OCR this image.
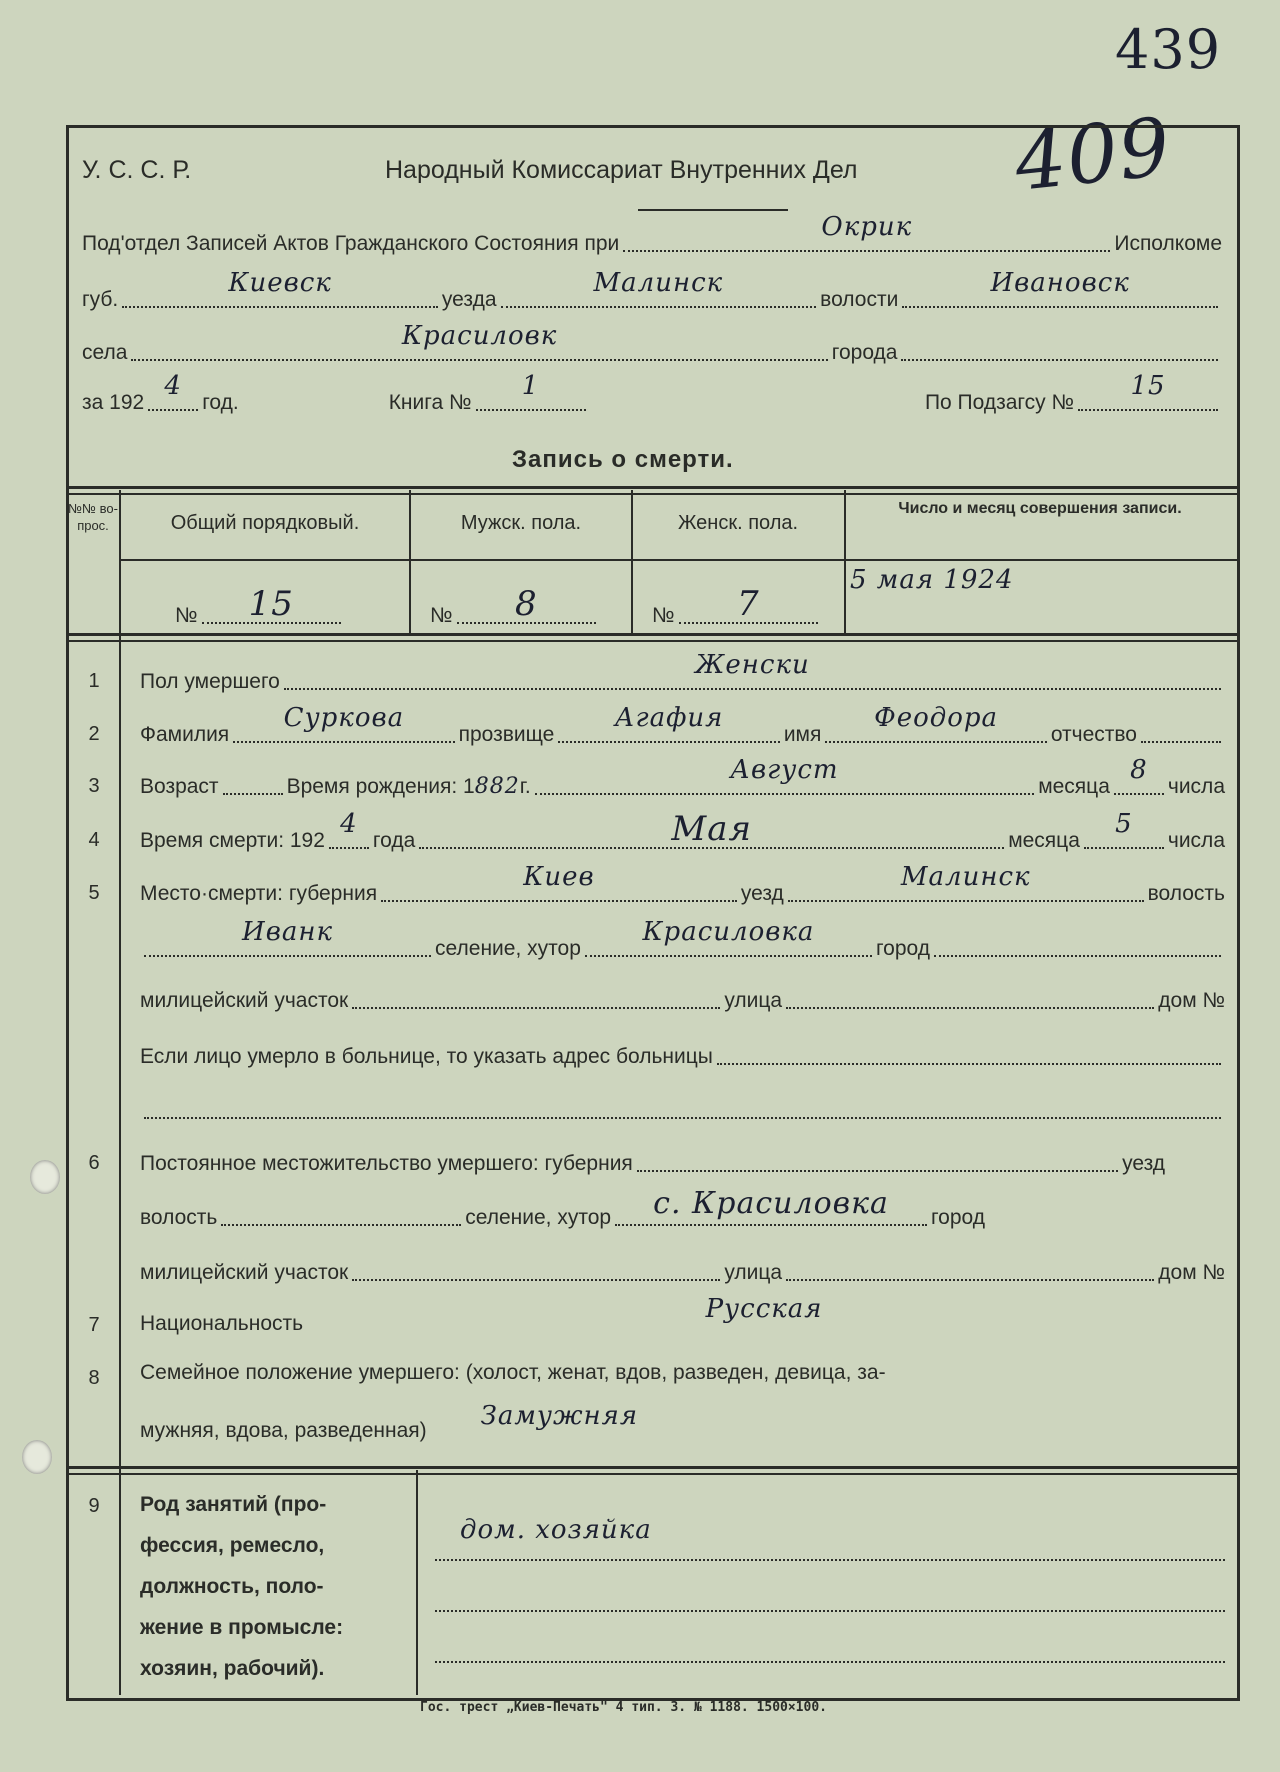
439
409
У. С. С. Р.	Народный Комиссариат Внутренних Дел
Под'отдел Записей Актов Гражданского Состояния при
Окрик
Исполкоме
губ.
Киевск
уезда
Малинск
волости
Ивановск
села
Красиловк
города
за 192
4
год.	Книга №
1
По Подзагсу №
15
Запись о смерти.
№№ во-прос.	Общий порядковый.	Мужск. пола.	Женск. пола.
Число и месяц совершения записи.
№	15	№	8	№	7
5 мая 1924
1	Пол умершего
Женски
2	Фамилия
Суркова
прозвище
Агафия
имя
Феодора
отчество
3	Возраст	Время рождения: 1 882 г.
Август
месяца
8
числа
4	Время смерти: 192
4
года	Мая	месяца
5
числа
5	Место·смерти: губерния
Киев
уезд
Малинск
волость
Иванк
селение, хутор
Красиловка
город
милицейский участок	улица	дом №
Если лицо умерло в больнице, то указать адрес больницы
6	Постоянное местожительство умершего: губерния	уезд
волость	селение, хутор	с. Красиловка	город
милицейский участок	улица	дом №
7	Национальность	Русская
8	Семейное положение умершего: (холост, женат, вдов, разведен, девица, за-
мужняя, вдова, разведенная)	Замужняя
9	Род занятий (про-
фессия, ремесло,
должность, поло-
жение в промысле:
хозяин, рабочий).
дом. хозяйка
Гос. трест „Киев-Печать" 4 тип. 3. № 1188. 1500×100.
